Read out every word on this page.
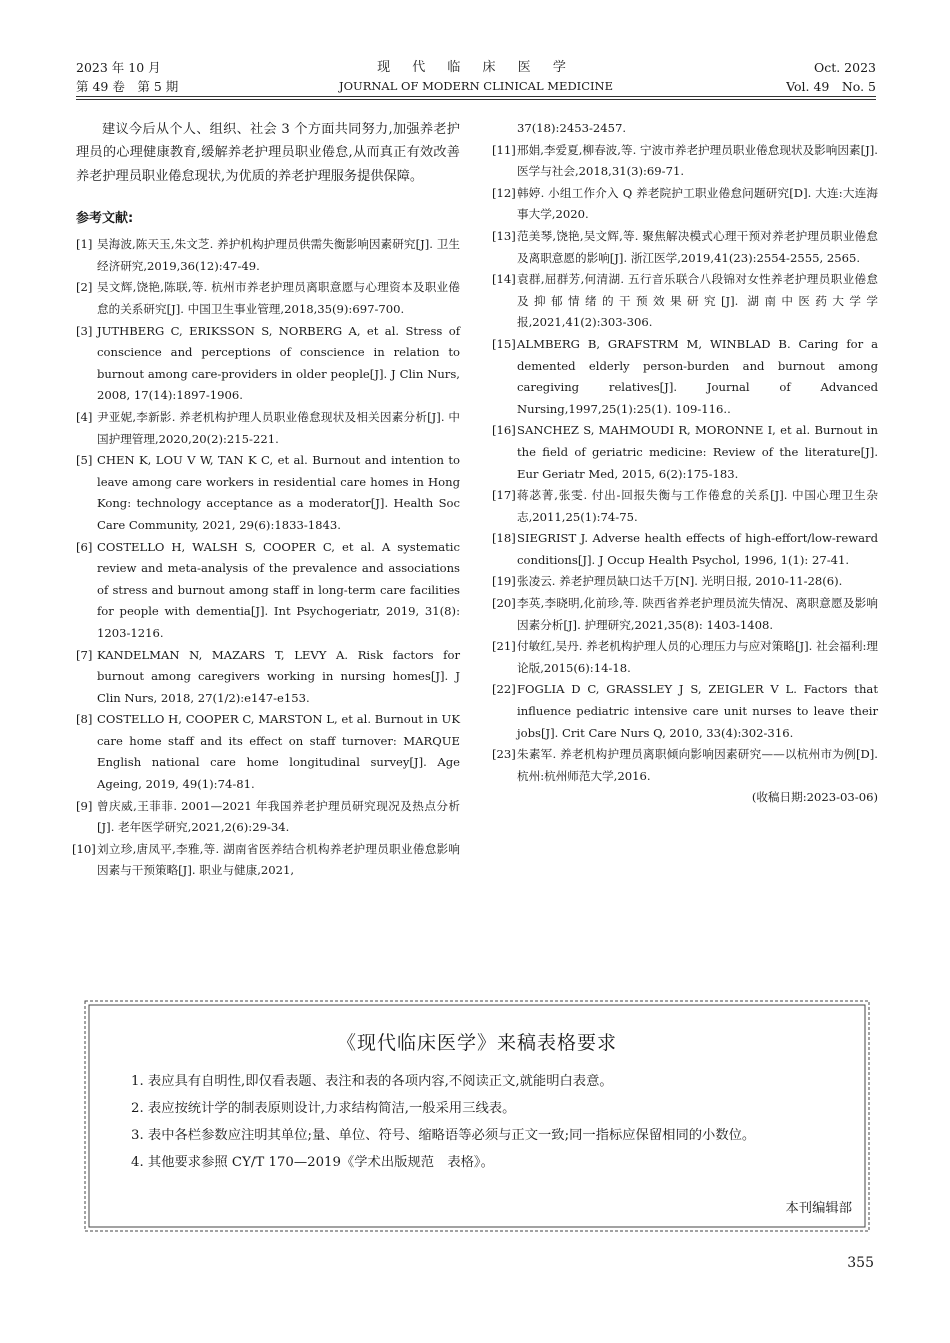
2023 年 10 月
第 49 卷　第 5 期
现 代 临 床 医 学
JOURNAL OF MODERN CLINICAL MEDICINE
Oct. 2023
Vol. 49　No. 5

建议今后从个人、组织、社会 3 个方面共同努力,加强养老护理员的心理健康教育,缓解养老护理员职业倦怠,从而真正有效改善养老护理员职业倦怠现状,为优质的养老护理服务提供保障。

参考文献:
[1] 吴海波,陈天玉,朱文芝. 养护机构护理员供需失衡影响因素研究[J]. 卫生经济研究,2019,36(12):47-49.
[2] 吴文辉,饶艳,陈联,等. 杭州市养老护理员离职意愿与心理资本及职业倦怠的关系研究[J]. 中国卫生事业管理,2018,35(9):697-700.
[3] JUTHBERG C, ERIKSSON S, NORBERG A, et al. Stress of conscience and perceptions of conscience in relation to burnout among care-providers in older people[J]. J Clin Nurs, 2008, 17(14):1897-1906.
[4] 尹亚妮,李新影. 养老机构护理人员职业倦怠现状及相关因素分析[J]. 中国护理管理,2020,20(2):215-221.
[5] CHEN K, LOU V W, TAN K C, et al. Burnout and intention to leave among care workers in residential care homes in Hong Kong: technology acceptance as a moderator[J]. Health Soc Care Community, 2021, 29(6):1833-1843.
[6] COSTELLO H, WALSH S, COOPER C, et al. A systematic review and meta-analysis of the prevalence and associations of stress and burnout among staff in long-term care facilities for people with dementia[J]. Int Psychogeriatr, 2019, 31(8): 1203-1216.
[7] KANDELMAN N, MAZARS T, LEVY A. Risk factors for burnout among caregivers working in nursing homes[J]. J Clin Nurs, 2018, 27(1/2):e147-e153.
[8] COSTELLO H, COOPER C, MARSTON L, et al. Burnout in UK care home staff and its effect on staff turnover: MARQUE English national care home longitudinal survey[J]. Age Ageing, 2019, 49(1):74-81.
[9] 曾庆威,王菲菲. 2001—2021 年我国养老护理员研究现况及热点分析[J]. 老年医学研究,2021,2(6):29-34.
[10] 刘立珍,唐凤平,李雅,等. 湖南省医养结合机构养老护理员职业倦怠影响因素与干预策略[J]. 职业与健康,2021,
37(18):2453-2457.
[11] 邢娟,李爱夏,柳春波,等. 宁波市养老护理员职业倦怠现状及影响因素[J]. 医学与社会,2018,31(3):69-71.
[12] 韩婷. 小组工作介入 Q 养老院护工职业倦怠问题研究[D]. 大连:大连海事大学,2020.
[13] 范美琴,饶艳,吴文辉,等. 聚焦解决模式心理干预对养老护理员职业倦怠及离职意愿的影响[J]. 浙江医学,2019,41(23):2554-2555, 2565.
[14] 袁群,屈群芳,何清湖. 五行音乐联合八段锦对女性养老护理员职业倦怠及抑郁情绪的干预效果研究[J]. 湖南中医药大学学报,2021,41(2):303-306.
[15] ALMBERG B, GRAFSTRM M, WINBLAD B. Caring for a demented elderly person-burden and burnout among caregiving relatives[J]. Journal of Advanced Nursing,1997,25(1):25(1). 109-116..
[16] SANCHEZ S, MAHMOUDI R, MORONNE I, et al. Burnout in the field of geriatric medicine: Review of the literature[J]. Eur Geriatr Med, 2015, 6(2):175-183.
[17] 蒋苾菁,张雯. 付出-回报失衡与工作倦怠的关系[J]. 中国心理卫生杂志,2011,25(1):74-75.
[18] SIEGRIST J. Adverse health effects of high-effort/low-reward conditions[J]. J Occup Health Psychol, 1996, 1(1): 27-41.
[19] 张凌云. 养老护理员缺口达千万[N]. 光明日报, 2010-11-28(6).
[20] 李英,李晓明,化前珍,等. 陕西省养老护理员流失情况、离职意愿及影响因素分析[J]. 护理研究,2021,35(8): 1403-1408.
[21] 付敏红,吴丹. 养老机构护理人员的心理压力与应对策略[J]. 社会福利:理论版,2015(6):14-18.
[22] FOGLIA D C, GRASSLEY J S, ZEIGLER V L. Factors that influence pediatric intensive care unit nurses to leave their jobs[J]. Crit Care Nurs Q, 2010, 33(4):302-316.
[23] 朱素军. 养老机构护理员离职倾向影响因素研究——以杭州市为例[D]. 杭州:杭州师范大学,2016.

(收稿日期:2023-03-06)

《现代临床医学》来稿表格要求

1. 表应具有自明性,即仅看表题、表注和表的各项内容,不阅读正文,就能明白表意。

2. 表应按统计学的制表原则设计,力求结构简洁,一般采用三线表。

3. 表中各栏参数应注明其单位;量、单位、符号、缩略语等必须与正文一致;同一指标应保留相同的小数位。

4. 其他要求参照 CY/T 170—2019《学术出版规范　表格》。

本刊编辑部
355
